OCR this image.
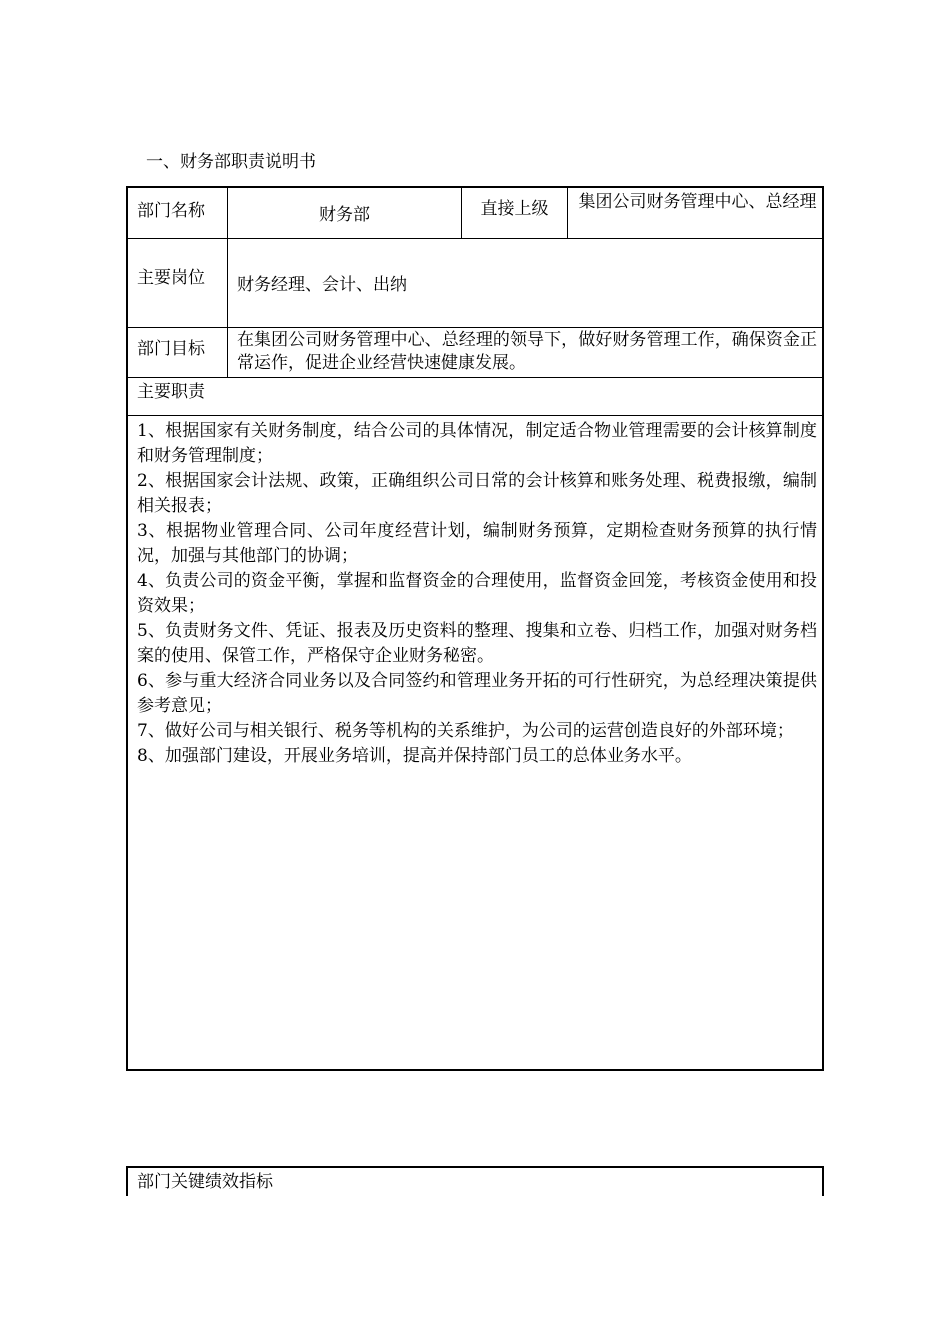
一、财务部职责说明书
部门名称	财务部	直接上级	集团公司财务管理中心、总经理
主要岗位 财务经理、会计、出纳
部门目标 在集团公司财务管理中心、总经理的领导下，做好财务管理工作，确保资金正常运作，促进企业经营快速健康发展。
主要职责

1、根据国家有关财务制度，结合公司的具体情况，制定适合物业管理需要的会计核算制度和财务管理制度；

2、根据国家会计法规、政策，正确组织公司日常的会计核算和账务处理、税费报缴，编制相关报表；

3、根据物业管理合同、公司年度经营计划，编制财务预算，定期检查财务预算的执行情况，加强与其他部门的协调；

4、负责公司的资金平衡，掌握和监督资金的合理使用，监督资金回笼，考核资金使用和投资效果；

5、负责财务文件、凭证、报表及历史资料的整理、搜集和立卷、归档工作，加强对财务档案的使用、保管工作，严格保守企业财务秘密。

6、参与重大经济合同业务以及合同签约和管理业务开拓的可行性研究，为总经理决策提供参考意见；

7、做好公司与相关银行、税务等机构的关系维护，为公司的运营创造良好的外部环境；

8、加强部门建设，开展业务培训，提高并保持部门员工的总体业务水平。

部门关键绩效指标
